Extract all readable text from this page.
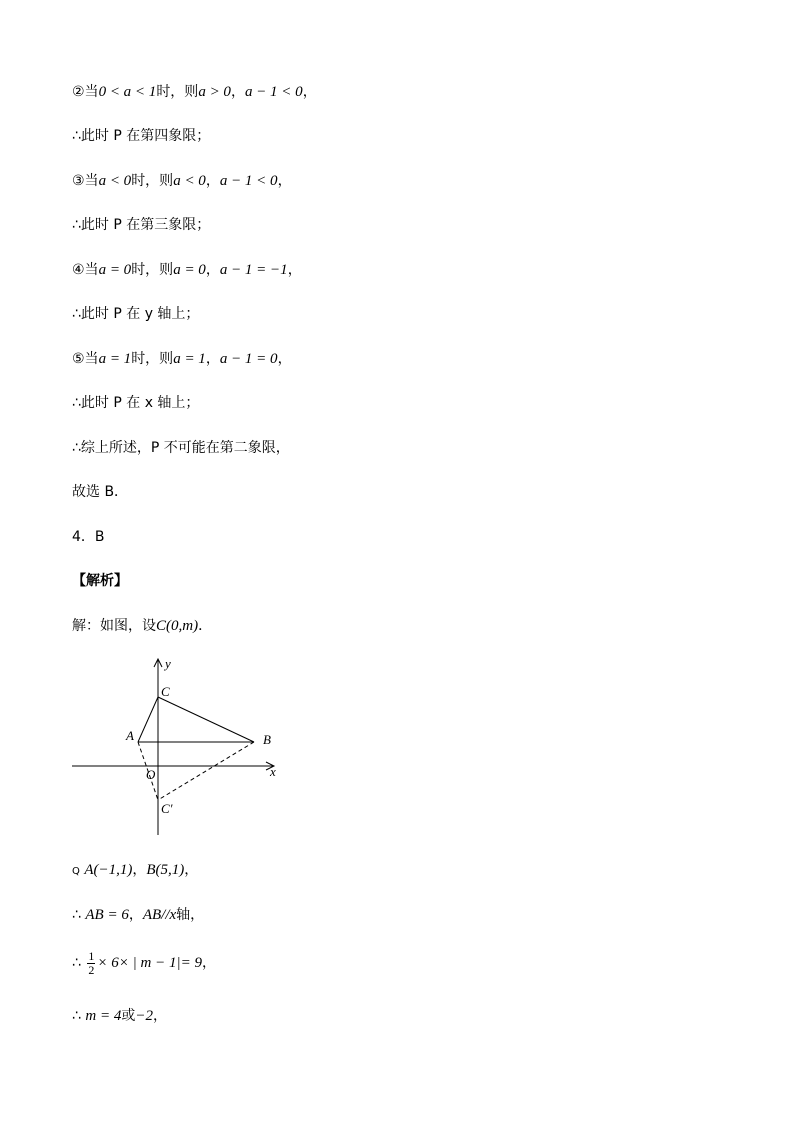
②当0 < a < 1时，则a > 0，a − 1 < 0，
∴此时 P 在第四象限；
③当a < 0时，则a < 0，a − 1 < 0，
∴此时 P 在第三象限；
④当a = 0时，则a = 0，a − 1 = −1，
∴此时 P 在 y 轴上；
⑤当a = 1时，则a = 1，a − 1 = 0，
∴此时 P 在 x 轴上；
∴综上所述，P 不可能在第二象限，
故选 B．
4．B
【解析】
解：如图，设C(0,m)．
y
x
C
A	B
O
C′
Q A(−1,1)，B(5,1)，
∴ AB = 6，AB//x轴，
∴ $\frac{1}{2} \times 6\times$ | m − 1|= 9，
∴ m = 4或−2，
